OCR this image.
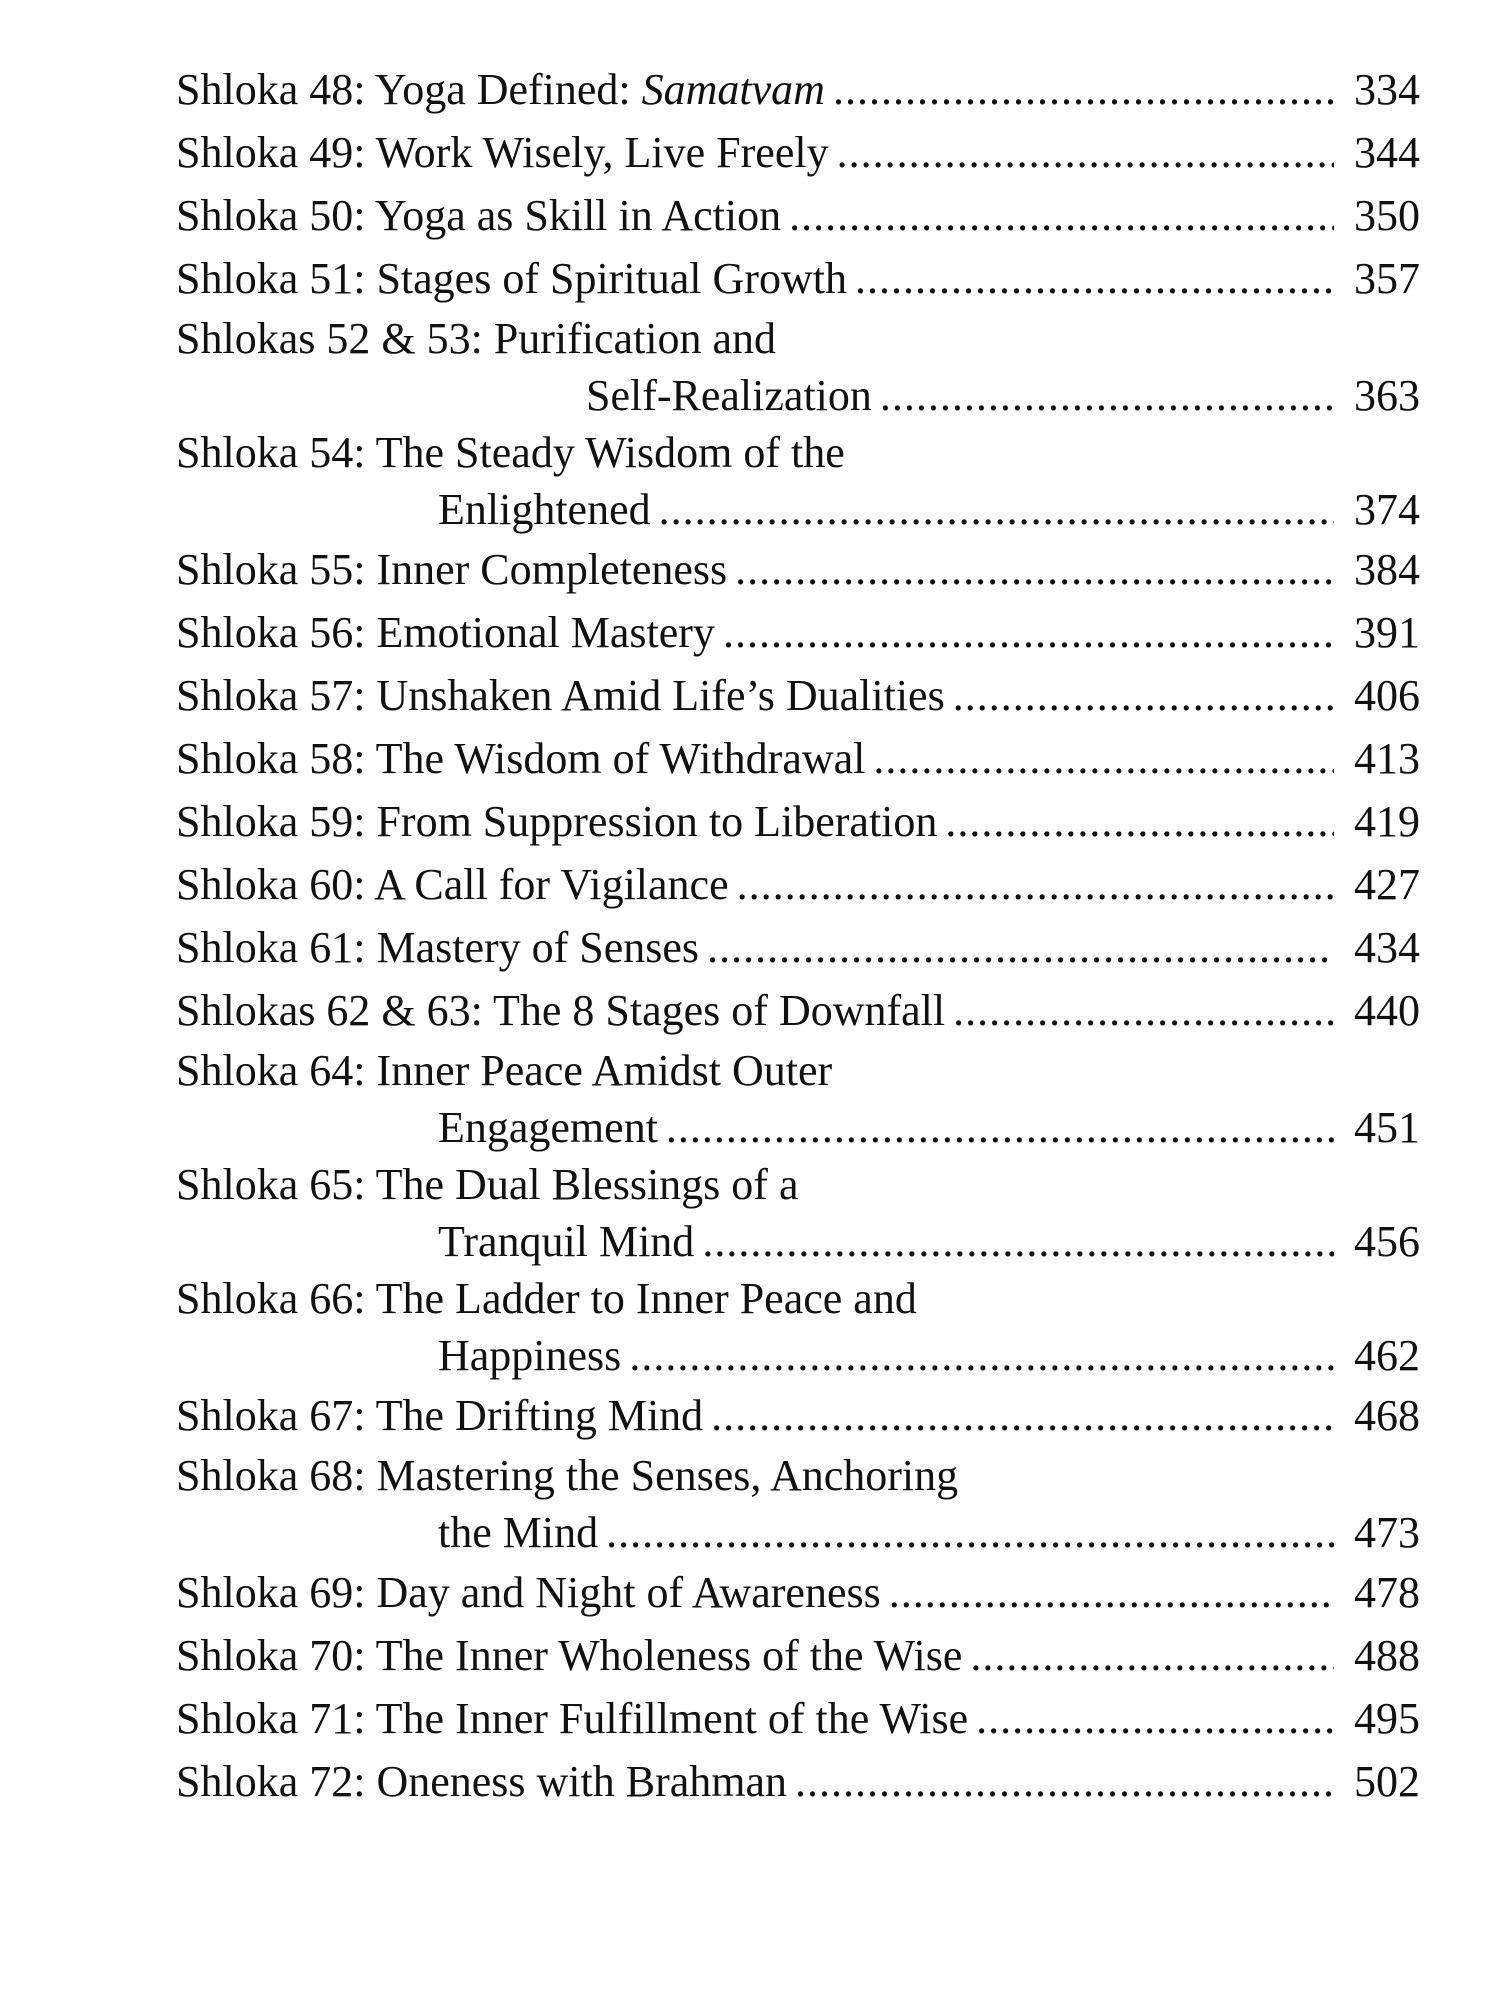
Shloka 48: Yoga Defined: Samatvam .....	334
Shloka 49: Work Wisely, Live Freely .....	344
Shloka 50: Yoga as Skill in Action .....	350
Shloka 51: Stages of Spiritual Growth .....	357
Shlokas 52 & 53: Purification and
Self-Realization .....	363
Shloka 54: The Steady Wisdom of the
Enlightened .....	374
Shloka 55: Inner Completeness .....	384
Shloka 56: Emotional Mastery .....	391
Shloka 57: Unshaken Amid Life’s Dualities .....	406
Shloka 58: The Wisdom of Withdrawal .....	413
Shloka 59: From Suppression to Liberation .....	419
Shloka 60: A Call for Vigilance .....	427
Shloka 61: Mastery of Senses .....	434
Shlokas 62 & 63: The 8 Stages of Downfall .....	440
Shloka 64: Inner Peace Amidst Outer
Engagement .....	451
Shloka 65: The Dual Blessings of a
Tranquil Mind .....	456
Shloka 66: The Ladder to Inner Peace and
Happiness .....	462
Shloka 67: The Drifting Mind .....	468
Shloka 68: Mastering the Senses, Anchoring
the Mind .....	473
Shloka 69: Day and Night of Awareness .....	478
Shloka 70: The Inner Wholeness of the Wise .....	488
Shloka 71: The Inner Fulfillment of the Wise .....	495
Shloka 72: Oneness with Brahman .....	502
